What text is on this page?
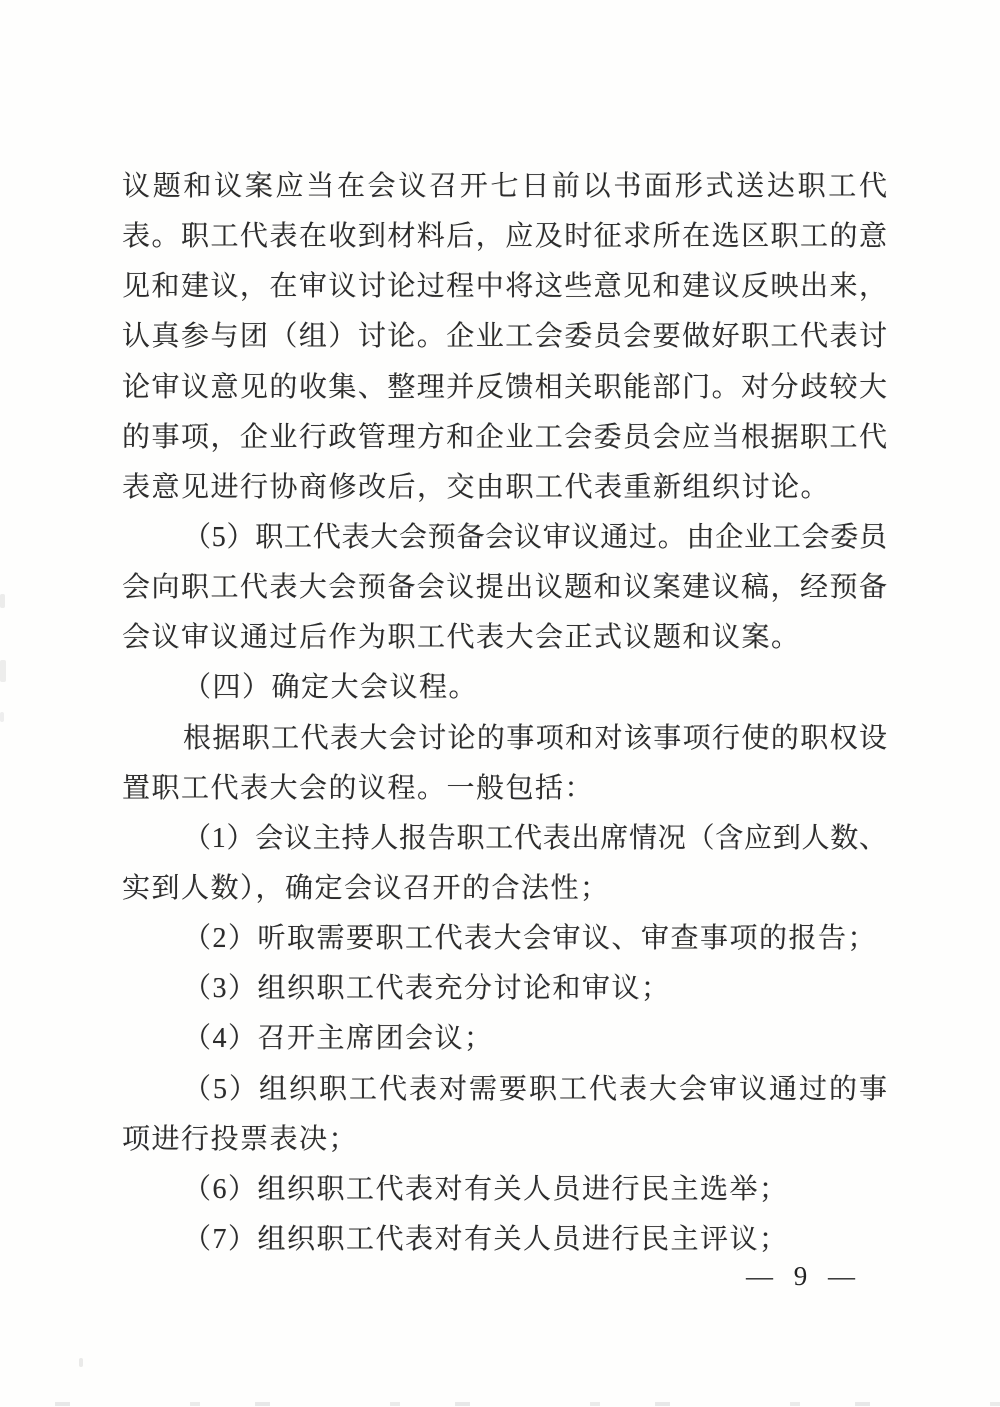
议题和议案应当在会议召开七日前以书面形式送达职工代
表。职工代表在收到材料后，应及时征求所在选区职工的意
见和建议，在审议讨论过程中将这些意见和建议反映出来，
认真参与团（组）讨论。企业工会委员会要做好职工代表讨
论审议意见的收集、整理并反馈相关职能部门。对分歧较大
的事项，企业行政管理方和企业工会委员会应当根据职工代
表意见进行协商修改后，交由职工代表重新组织讨论。
（5）职工代表大会预备会议审议通过。由企业工会委员
会向职工代表大会预备会议提出议题和议案建议稿，经预备
会议审议通过后作为职工代表大会正式议题和议案。
（四）确定大会议程。
根据职工代表大会讨论的事项和对该事项行使的职权设
置职工代表大会的议程。一般包括：
（1）会议主持人报告职工代表出席情况（含应到人数、
实到人数），确定会议召开的合法性；
（2）听取需要职工代表大会审议、审查事项的报告；
（3）组织职工代表充分讨论和审议；
（4）召开主席团会议；
（5）组织职工代表对需要职工代表大会审议通过的事
项进行投票表决；
（6）组织职工代表对有关人员进行民主选举；
（7）组织职工代表对有关人员进行民主评议；
— 9 —
